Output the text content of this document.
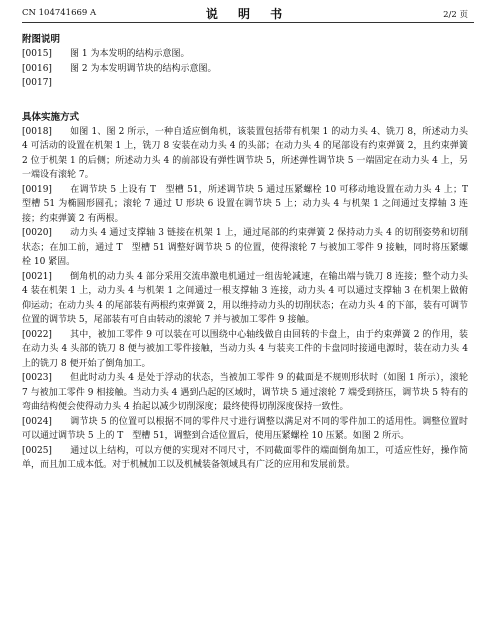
CN 104741669 A	说 明 书	2/2 页
附图说明
[0015] 图 1 为本发明的结构示意图。
[0016] 图 2 为本发明调节块的结构示意图。
[0017]
具体实施方式
[0018] 如图 1、图 2 所示，一种自适应倒角机，该装置包括带有机架 1 的动力头 4、铣刀 8，所述动力头 4 可活动的设置在机架 1 上，铣刀 8 安装在动力头 4 的头部；在动力头 4 的尾部设有约束弹簧 2，且约束弹簧 2 位于机架 1 的后侧；所述动力头 4 的前部设有弹性调节块 5，所述弹性调节块 5 一端固定在动力头 4 上，另一端设有滚轮 7。
[0019] 在调节块 5 上设有 T　型槽 51，所述调节块 5 通过压紧螺栓 10 可移动地设置在动力头 4 上；T　型槽 51 为椭圆形圆孔；滚轮 7 通过 U 形块 6 设置在调节块 5 上；动力头 4 与机架 1 之间通过支撑轴 3 连接；约束弹簧 2 有两根。
[0020] 动力头 4 通过支撑轴 3 链接在机架 1 上，通过尾部的约束弹簧 2 保持动力头 4 的切削姿势和切削状态；在加工前，通过 T　型槽 51 调整好调节块 5 的位置，使得滚轮 7 与被加工零件 9 接触，同时将压紧螺栓 10 紧固。
[0021] 倒角机的动力头 4 部分采用交流串激电机通过一组齿轮减速，在输出端与铣刀 8 连接；整个动力头 4 装在机架 1 上，动力头 4 与机架 1 之间通过一根支撑轴 3 连接，动力头 4 可以通过支撑轴 3 在机架上做俯仰运动；在动力头 4 的尾部装有两根约束弹簧 2，用以维持动力头的切削状态；在动力头 4 的下部，装有可调节位置的调节块 5，尾部装有可自由转动的滚轮 7 并与被加工零件 9 接触。
[0022] 其中，被加工零件 9 可以装在可以围绕中心轴线做自由回转的卡盘上，由于约束弹簧 2 的作用，装在动力头 4 头部的铣刀 8 便与被加工零件接触，当动力头 4 与装夹工件的卡盘同时接通电源时，装在动力头 4 上的铣刀 8 便开始了倒角加工。
[0023] 但此时动力头 4 是处于浮动的状态，当被加工零件 9 的截面是不规则形状时（如图 1 所示），滚轮 7 与被加工零件 9 相接触。当动力头 4 遇到凸起的区域时，调节块 5 通过滚轮 7 端受到挤压，调节块 5 特有的弯曲结构便会使得动力头 4 抬起以减少切削深度；最终使得切削深度保持一致性。
[0024] 调节块 5 的位置可以根据不同的零件尺寸进行调整以满足对不同的零件加工的适用性。调整位置时可以通过调节块 5 上的 T　型槽 51，调整到合适位置后，使用压紧螺栓 10 压紧。如图 2 所示。
[0025] 通过以上结构，可以方便的实现对不同尺寸，不同截面零件的端面倒角加工，可适应性好，操作简单，而且加工成本低。对于机械加工以及机械装备领域具有广泛的应用和发展前景。
